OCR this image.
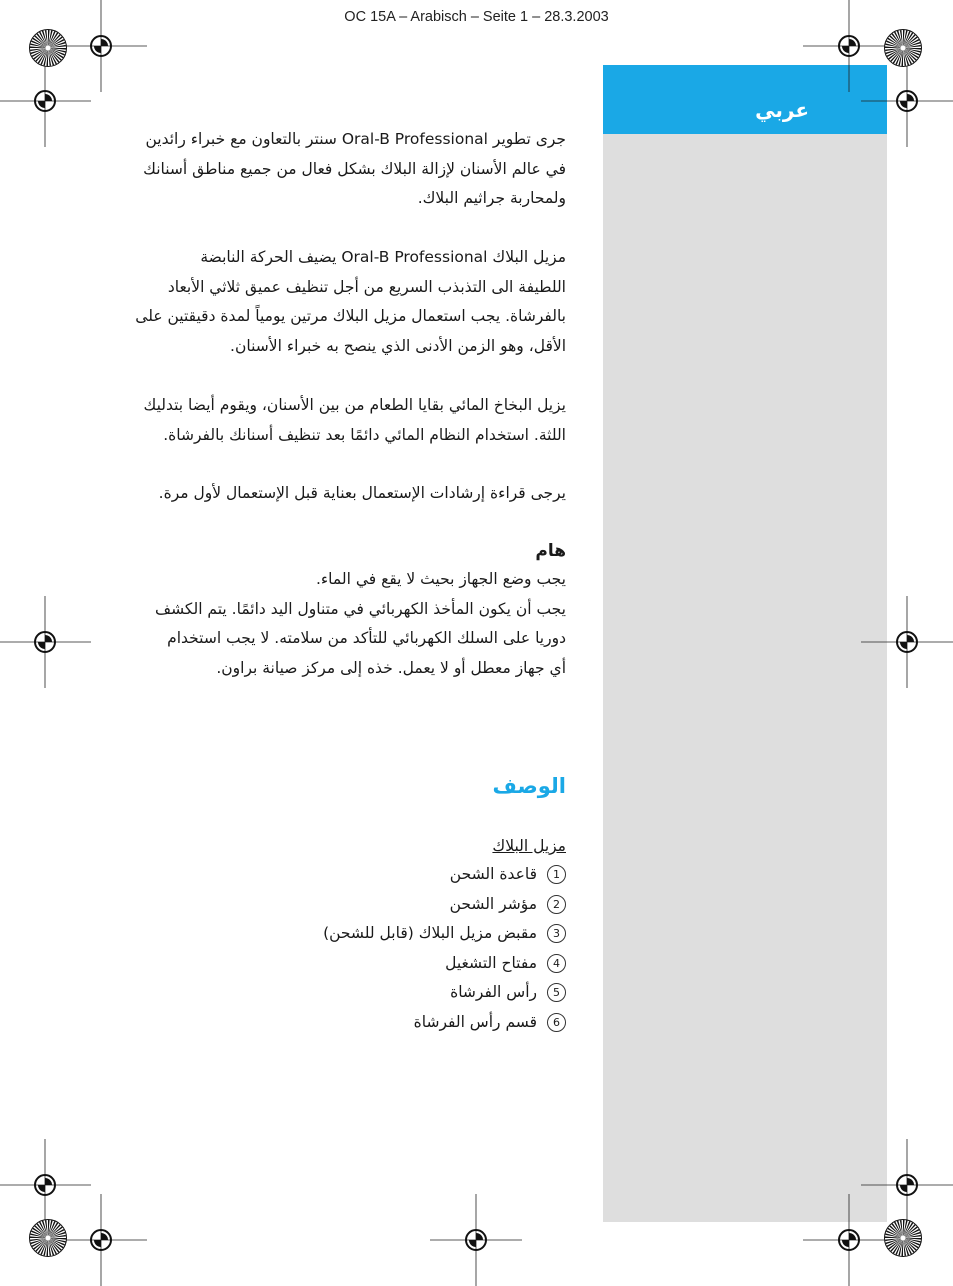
OC 15A – Arabisch – Seite 1 – 28.3.2003
عربي
جرى تطوير Oral-B Professional سنتر بالتعاون مع خبراء رائدين
في عالم الأسنان لإزالة البلاك بشكل فعال من جميع مناطق أسنانك
ولمحاربة جراثيم البلاك.
مزيل البلاك Oral-B Professional يضيف الحركة النابضة
اللطيفة الى التذبذب السريع من أجل تنظيف عميق ثلاثي الأبعاد
بالفرشاة. يجب استعمال مزيل البلاك مرتين يومياً لمدة دقيقتين على
الأقل، وهو الزمن الأدنى الذي ينصح به خبراء الأسنان.
يزيل البخاخ المائي بقايا الطعام من بين الأسنان، ويقوم أيضا بتدليك
اللثة. استخدام النظام المائي دائمًا بعد تنظيف أسنانك بالفرشاة.
يرجى قراءة إرشادات الإستعمال بعناية قبل الإستعمال لأول مرة.
هام
يجب وضع الجهاز بحيث لا يقع في الماء.
يجب أن يكون المأخذ الكهربائي في متناول اليد دائمًا. يتم الكشف
دوريا على السلك الكهربائي للتأكد من سلامته. لا يجب استخدام
أي جهاز معطل أو لا يعمل. خذه إلى مركز صيانة براون.
الوصف
مزيل البلاك
1قاعدة الشحن
2مؤشر الشحن
3مقبض مزيل البلاك (قابل للشحن)
4مفتاح التشغيل
5رأس الفرشاة
6قسم رأس الفرشاة
